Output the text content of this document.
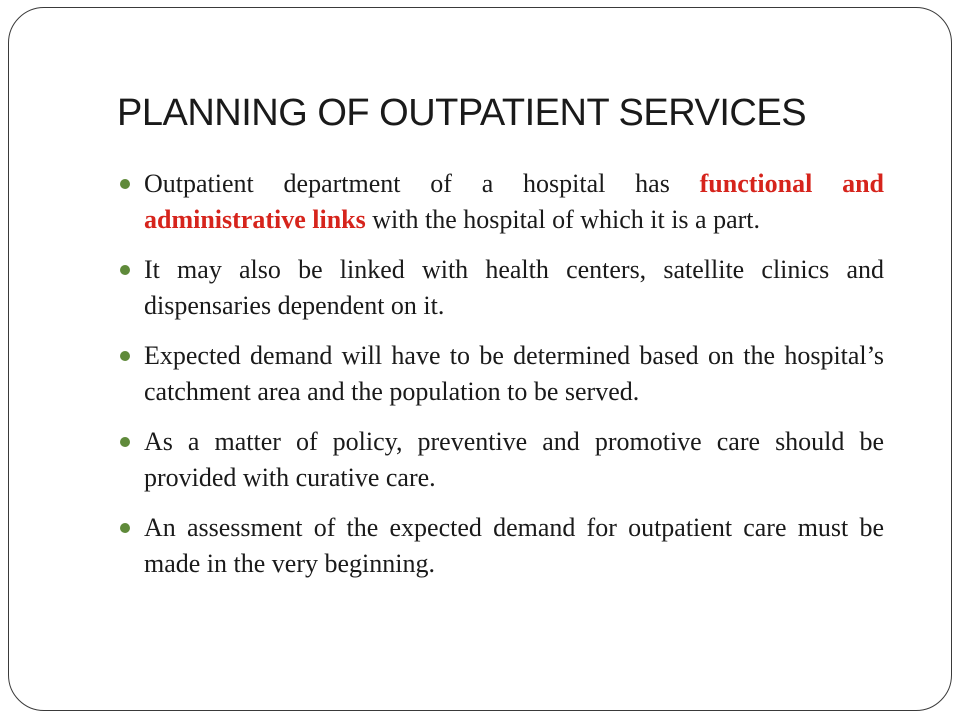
PLANNING OF OUTPATIENT SERVICES
Outpatient department of a hospital has functional and administrative links with the hospital of which it is a part.
It may also be linked with health centers, satellite clinics and dispensaries dependent on it.
Expected demand will have to be determined based on the hospital’s catchment area and the population to be served.
As a matter of policy, preventive and promotive care should be provided with curative care.
An assessment of the expected demand for outpatient care must be made in the very beginning.
